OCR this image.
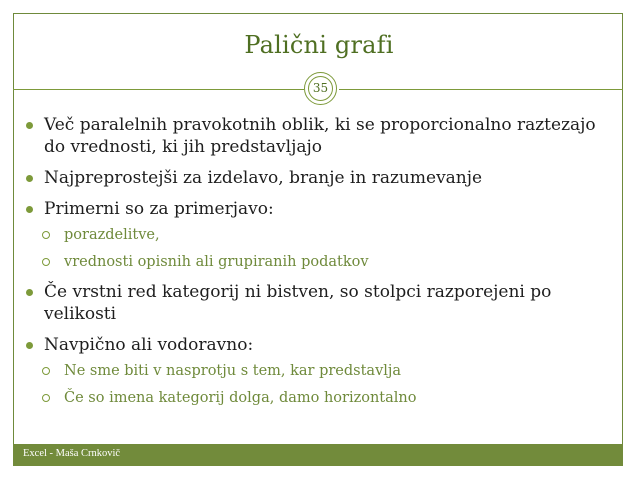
Palični grafi
35
Več paralelnih pravokotnih oblik, ki se proporcionalno raztezajo do vrednosti, ki jih predstavljajo
Najpreprostejši za izdelavo, branje in razumevanje
Primerni so za primerjavo:
porazdelitve,
vrednosti opisnih ali grupiranih podatkov
Če vrstni red kategorij ni bistven, so stolpci razporejeni po velikosti
Navpično ali vodoravno:
Ne sme biti v nasprotju s tem, kar predstavlja
Če so imena kategorij dolga, damo horizontalno
Excel - Maša Crnkovič
